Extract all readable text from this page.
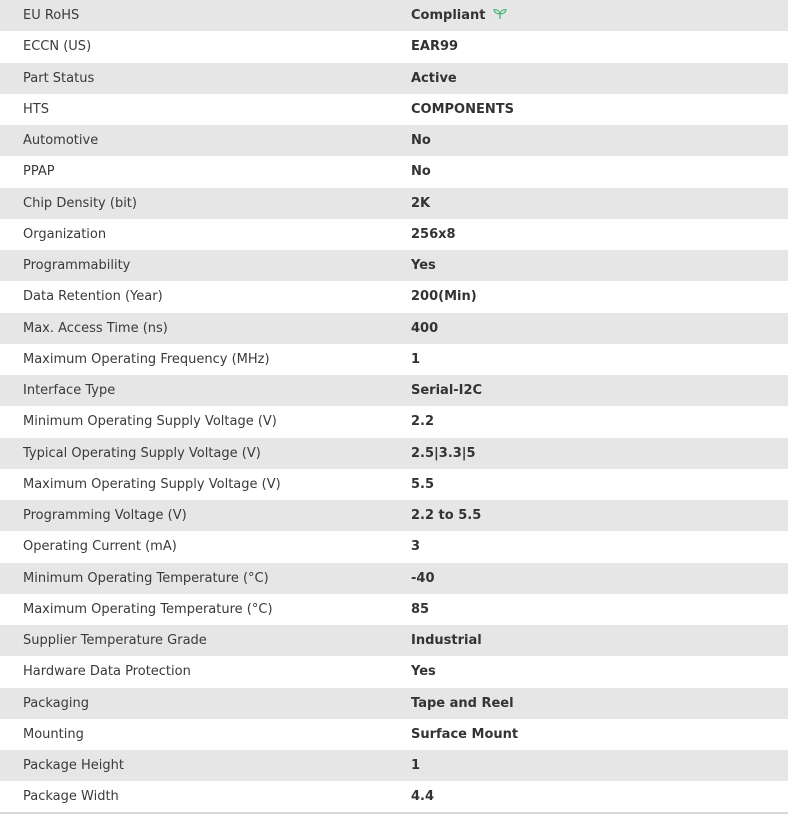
EU RoHS	Compliant
ECCN (US)	EAR99
Part Status	Active
HTS	COMPONENTS
Automotive	No
PPAP	No
Chip Density (bit)	2K
Organization	256x8
Programmability	Yes
Data Retention (Year)	200(Min)
Max. Access Time (ns)	400
Maximum Operating Frequency (MHz)	1
Interface Type	Serial-I2C
Minimum Operating Supply Voltage (V)	2.2
Typical Operating Supply Voltage (V)	2.5|3.3|5
Maximum Operating Supply Voltage (V)	5.5
Programming Voltage (V)	2.2 to 5.5
Operating Current (mA)	3
Minimum Operating Temperature (°C)	-40
Maximum Operating Temperature (°C)	85
Supplier Temperature Grade	Industrial
Hardware Data Protection	Yes
Packaging	Tape and Reel
Mounting	Surface Mount
Package Height	1
Package Width	4.4
